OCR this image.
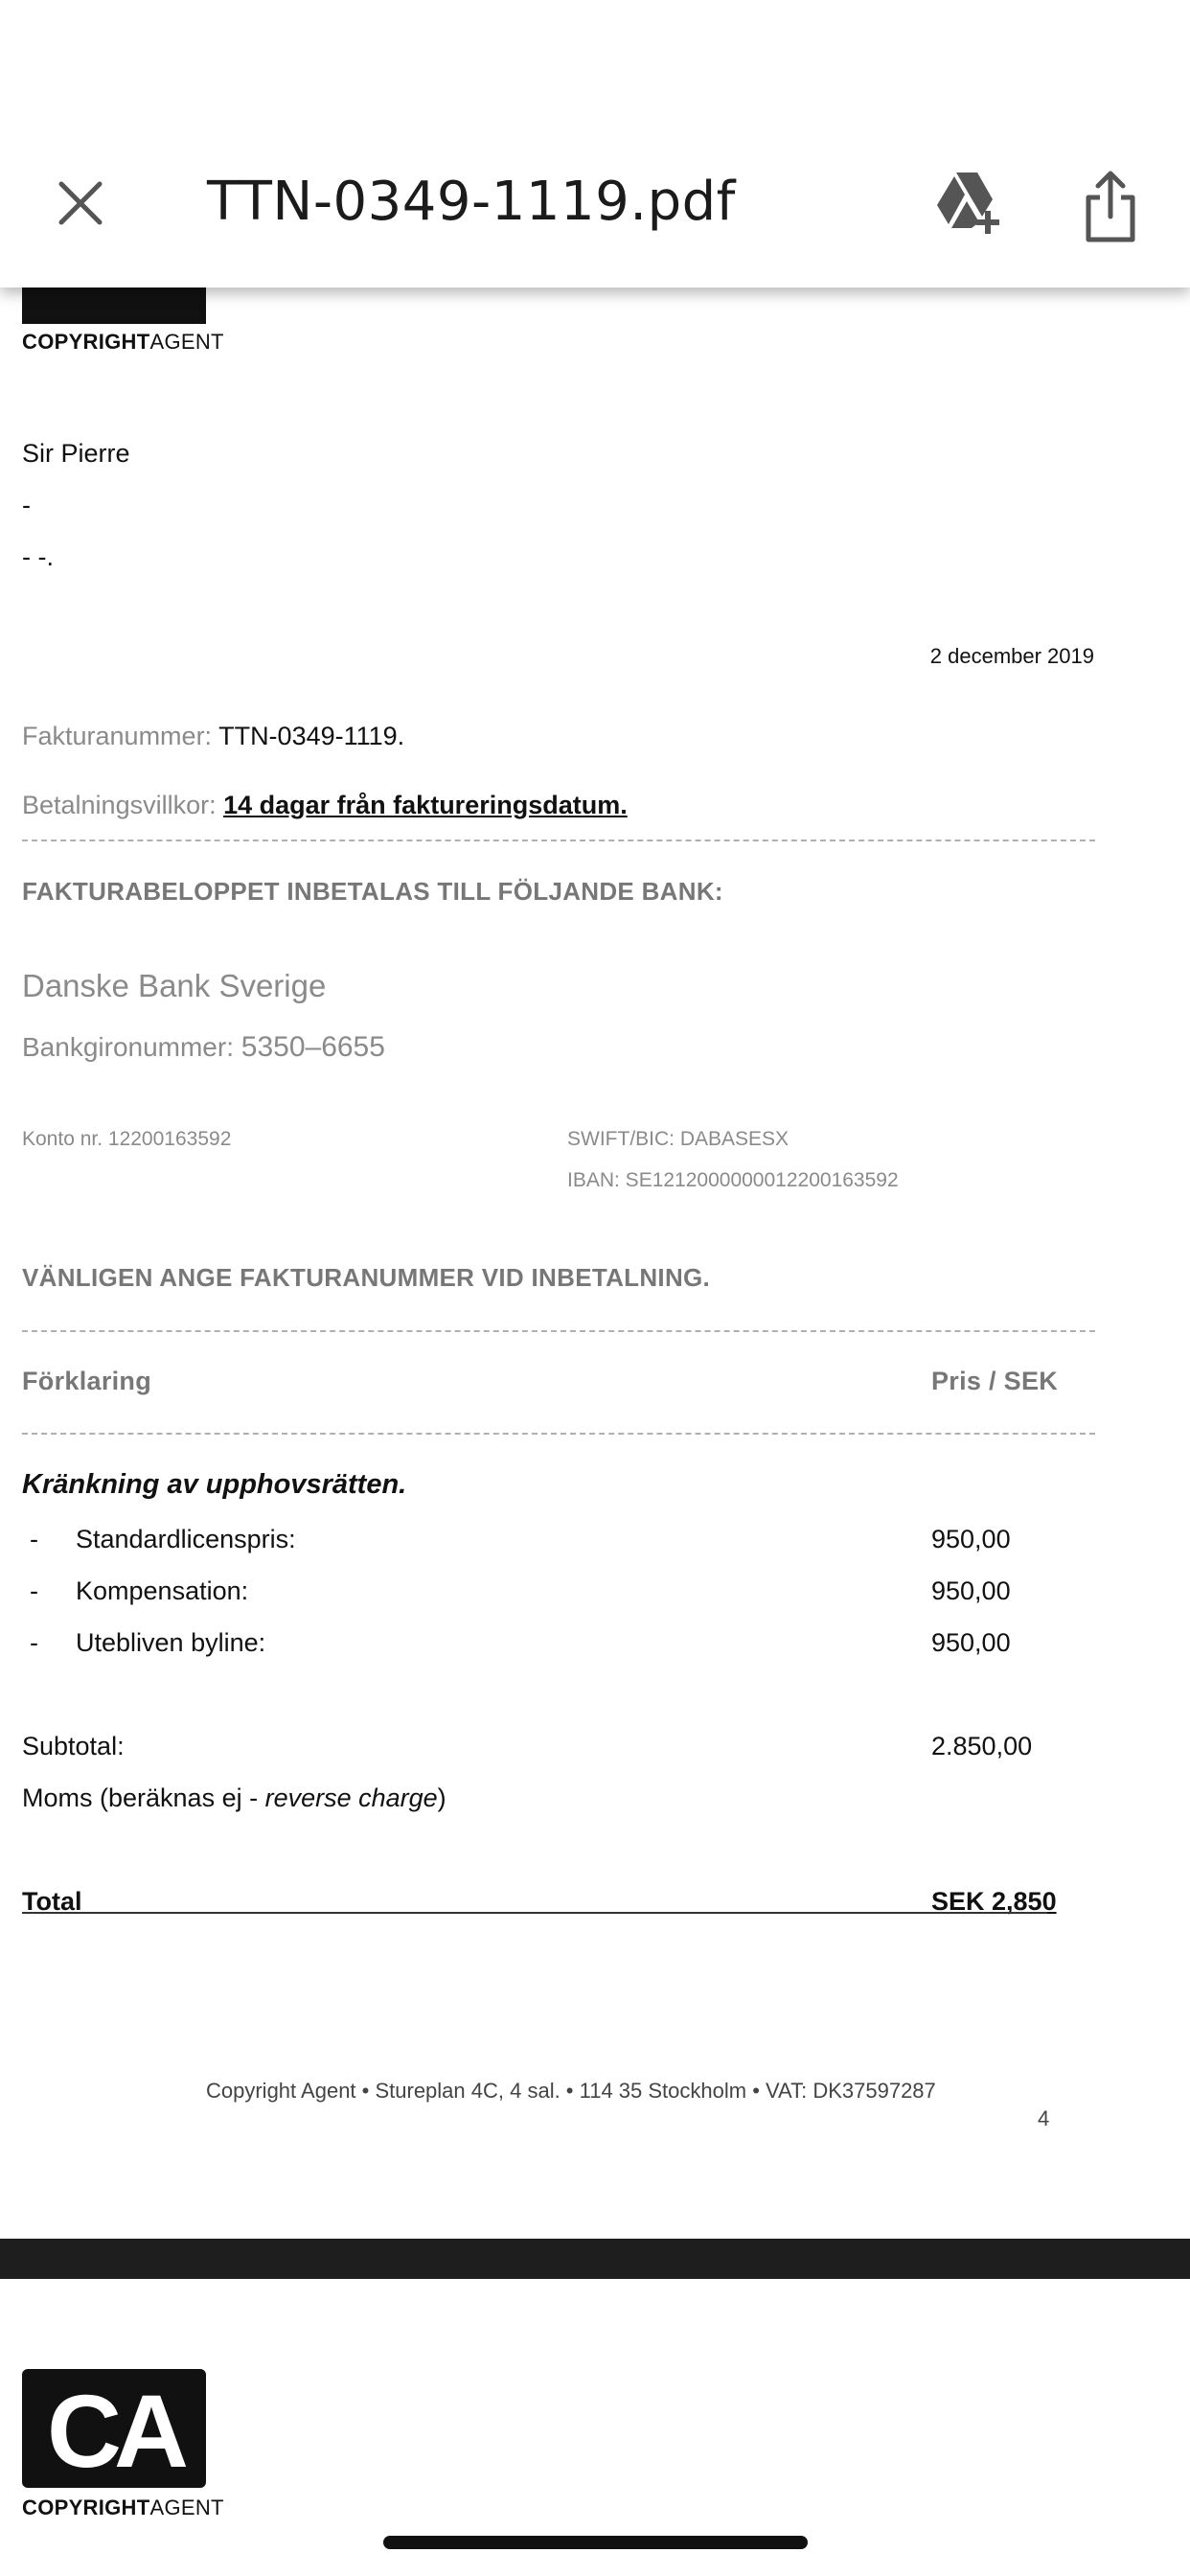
COPYRIGHTAGENT
Sir Pierre
-
- -.
2 december 2019
Fakturanummer: TTN-0349-1119.
Betalningsvillkor: 14 dagar från faktureringsdatum.
FAKTURABELOPPET INBETALAS TILL FÖLJANDE BANK:
Danske Bank Sverige
Bankgironummer: 5350–6655
Konto nr. 12200163592	SWIFT/BIC: DABASESX
IBAN: SE1212000000012200163592
VÄNLIGEN ANGE FAKTURANUMMER VID INBETALNING.
Förklaring	Pris / SEK
Kränkning av upphovsrätten.
- Standardlicenspris:	950,00
- Kompensation:	950,00
- Utebliven byline:	950,00
Subtotal:	2.850,00
Moms (beräknas ej - reverse charge)
Total	SEK 2,850
Copyright Agent • Stureplan 4C, 4 sal. • 114 35 Stockholm • VAT: DK37597287
4
CA
COPYRIGHTAGENT
TTN-0349-1119.pdf
